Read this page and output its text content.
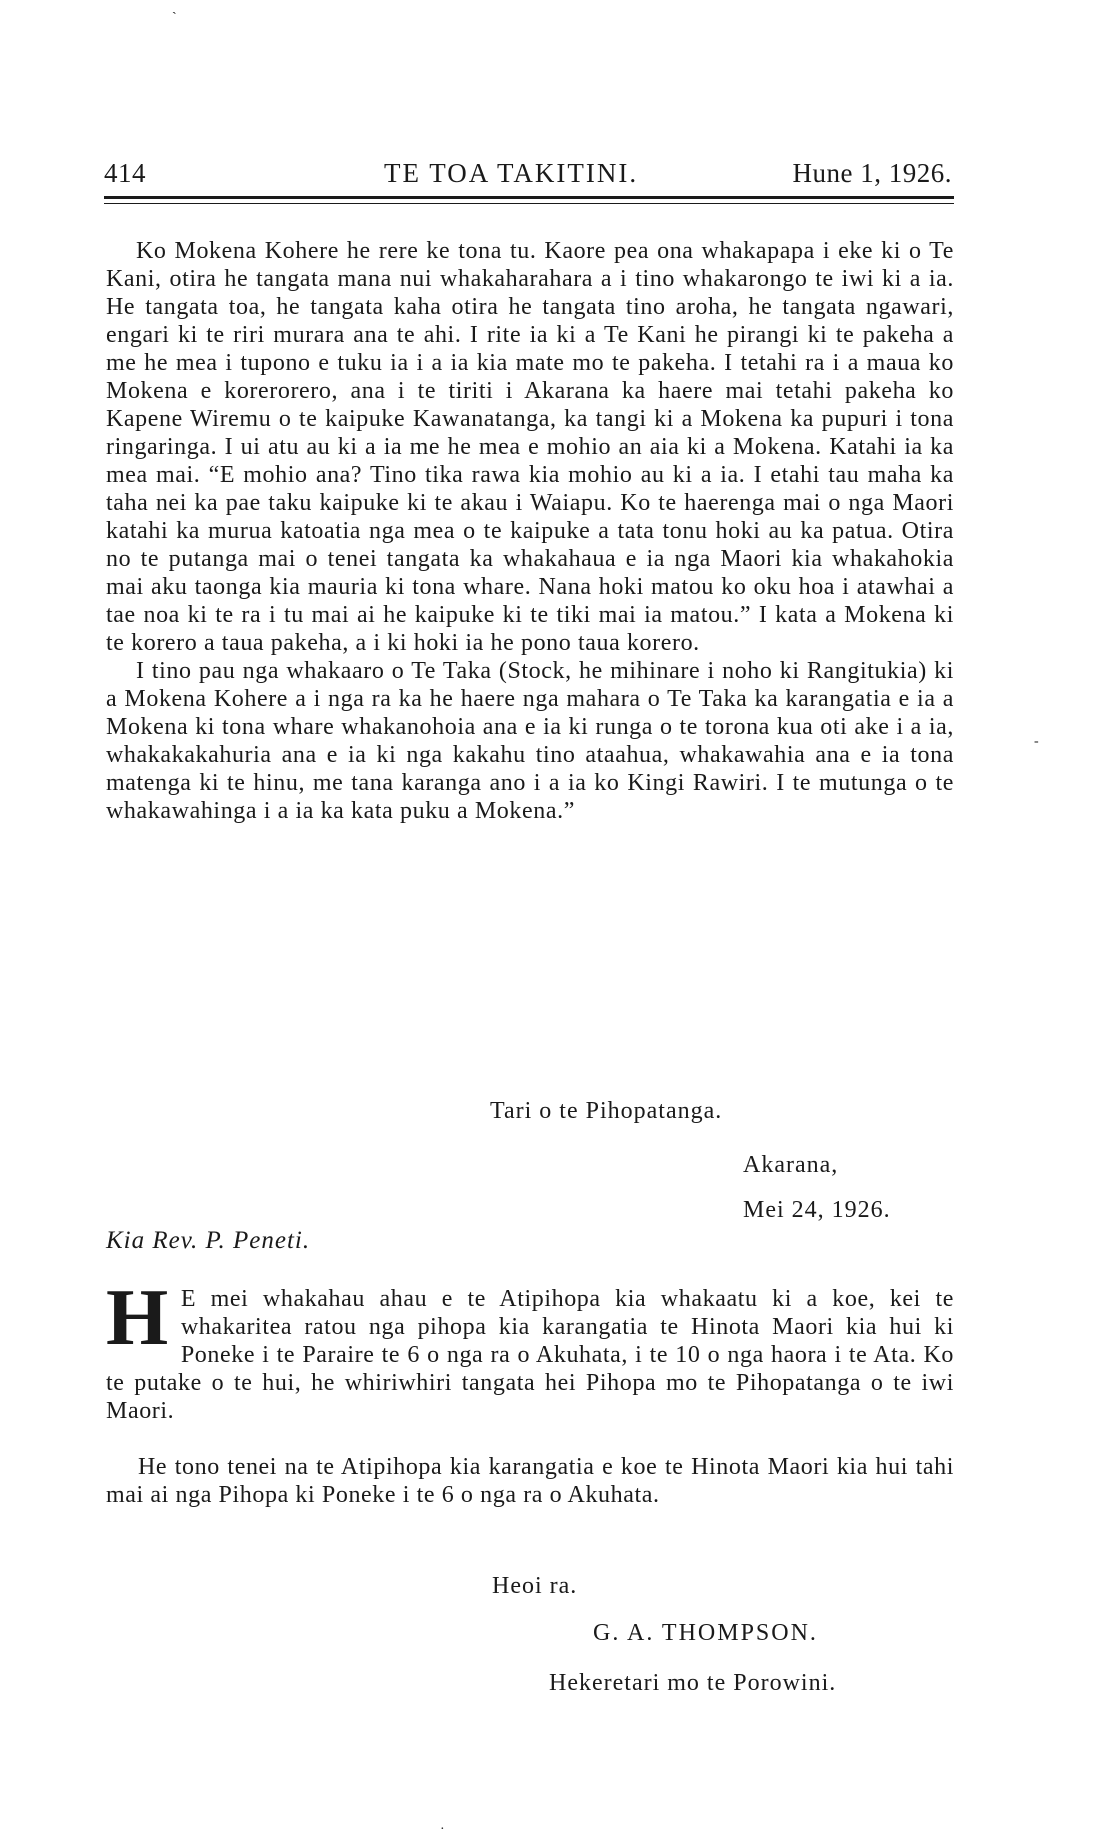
414	TE TOA TAKITINI.	Hune 1, 1926.

Ko Mokena Kohere he rere ke tona tu. Kaore pea ona whakapapa i eke ki o Te Kani, otira he tangata mana nui whakaharahara a i tino whakarongo te iwi ki a ia. He tangata toa, he tangata kaha otira he tangata tino aroha, he tangata ngawari, engari ki te riri murara ana te ahi. I rite ia ki a Te Kani he pirangi ki te pakeha a me he mea i tupono e tuku ia i a ia kia mate mo te pakeha. I tetahi ra i a maua ko Mokena e korerorero, ana i te tiriti i Akarana ka haere mai tetahi pakeha ko Kapene Wiremu o te kaipuke Kawanatanga, ka tangi ki a Mokena ka pupuri i tona ringaringa. I ui atu au ki a ia me he mea e mohio an aia ki a Mokena. Katahi ia ka mea mai. “E mohio ana? Tino tika rawa kia mohio au ki a ia. I etahi tau maha ka taha nei ka pae taku kaipuke ki te akau i Waiapu. Ko te haerenga mai o nga Maori katahi ka murua katoatia nga mea o te kaipuke a tata tonu hoki au ka patua. Otira no te putanga mai o tenei tangata ka whakahaua e ia nga Maori kia whakahokia mai aku taonga kia mauria ki tona whare. Nana hoki matou ko oku hoa i atawhai a tae noa ki te ra i tu mai ai he kaipuke ki te tiki mai ia matou.” I kata a Mokena ki te korero a taua pakeha, a i ki hoki ia he pono taua korero.

I tino pau nga whakaaro o Te Taka (Stock, he mihinare i noho ki Rangitukia) ki a Mokena Kohere a i nga ra ka he haere nga mahara o Te Taka ka karangatia e ia a Mokena ki tona whare whakanohoia ana e ia ki runga o te torona kua oti ake i a ia, whakakakahuria ana e ia ki nga kakahu tino ataahua, whakawahia ana e ia tona matenga ki te hinu, me tana karanga ano i a ia ko Kingi Rawiri. I te mutunga o te whakawahinga i a ia ka kata puku a Mokena.”

Tari o te Pihopatanga.
Akarana,
Mei 24, 1926.
Kia Rev. P. Peneti.

H E mei whakahau ahau e te Atipihopa kia whakaatu ki a koe, kei te whakaritea ratou nga pihopa kia karangatia te Hinota Maori kia hui ki Poneke i te Paraire te 6 o nga ra o Akuhata, i te 10 o nga haora i te Ata. Ko te putake o te hui, he whiriwhiri tangata hei Pihopa mo te Pihopatanga o te iwi Maori.

He tono tenei na te Atipihopa kia karangatia e koe te Hinota Maori kia hui tahi mai ai nga Pihopa ki Poneke i te 6 o nga ra o Akuhata.

Heoi ra.
G. A. THOMPSON.
Hekeretari mo te Porowini.
ˏ
-
·
